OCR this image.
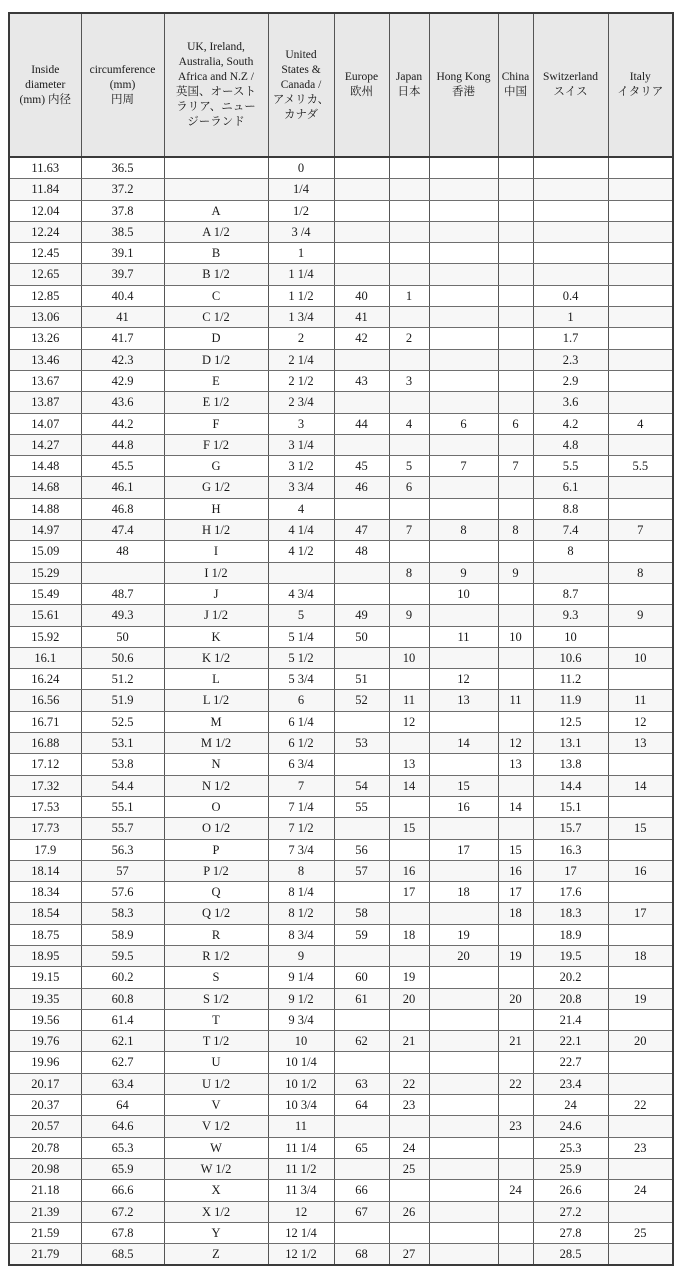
Inside
diameter
(mm) 内径

circumference
(mm)
円周

UK, Ireland,
Australia, South
Africa and N.Z /
英国、オースト
ラリア、ニュー
ジーランド

United
States &
Canada /
アメリカ、
カナダ

Europe
欧州

Japan
日本

Hong Kong
香港

China
中国

Switzerland
スイス

Italy
イタリア

11.63	36.5		0						
11.84	37.2		1/4						
12.04	37.8	A	1/2						
12.24	38.5	A 1/2	3 /4						
12.45	39.1	B	1						
12.65	39.7	B 1/2	1 1/4						
12.85	40.4	C	1 1/2	40	1			0.4	
13.06	41	C 1/2	1 3/4	41				1	
13.26	41.7	D	2	42	2			1.7	
13.46	42.3	D 1/2	2 1/4					2.3	
13.67	42.9	E	2 1/2	43	3			2.9	
13.87	43.6	E 1/2	2 3/4					3.6	
14.07	44.2	F	3	44	4	6	6	4.2	4
14.27	44.8	F 1/2	3 1/4					4.8	
14.48	45.5	G	3 1/2	45	5	7	7	5.5	5.5
14.68	46.1	G 1/2	3 3/4	46	6			6.1	
14.88	46.8	H	4					8.8	
14.97	47.4	H 1/2	4 1/4	47	7	8	8	7.4	7
15.09	48	I	4 1/2	48				8	
15.29		I 1/2			8	9	9		8
15.49	48.7	J	4 3/4			10		8.7	
15.61	49.3	J 1/2	5	49	9			9.3	9
15.92	50	K	5 1/4	50		11	10	10	
16.1	50.6	K 1/2	5 1/2		10			10.6	10
16.24	51.2	L	5 3/4	51		12		11.2	
16.56	51.9	L 1/2	6	52	11	13	11	11.9	11
16.71	52.5	M	6 1/4		12			12.5	12
16.88	53.1	M 1/2	6 1/2	53		14	12	13.1	13
17.12	53.8	N	6 3/4		13		13	13.8	
17.32	54.4	N 1/2	7	54	14	15		14.4	14
17.53	55.1	O	7 1/4	55		16	14	15.1	
17.73	55.7	O 1/2	7 1/2		15			15.7	15
17.9	56.3	P	7 3/4	56		17	15	16.3	
18.14	57	P 1/2	8	57	16		16	17	16
18.34	57.6	Q	8 1/4		17	18	17	17.6	
18.54	58.3	Q 1/2	8 1/2	58			18	18.3	17
18.75	58.9	R	8 3/4	59	18	19		18.9	
18.95	59.5	R 1/2	9			20	19	19.5	18
19.15	60.2	S	9 1/4	60	19			20.2	
19.35	60.8	S 1/2	9 1/2	61	20		20	20.8	19
19.56	61.4	T	9 3/4					21.4	
19.76	62.1	T 1/2	10	62	21		21	22.1	20
19.96	62.7	U	10 1/4					22.7	
20.17	63.4	U 1/2	10 1/2	63	22		22	23.4	
20.37	64	V	10 3/4	64	23			24	22
20.57	64.6	V 1/2	11				23	24.6	
20.78	65.3	W	11 1/4	65	24			25.3	23
20.98	65.9	W 1/2	11 1/2		25			25.9	
21.18	66.6	X	11 3/4	66			24	26.6	24
21.39	67.2	X 1/2	12	67	26			27.2	
21.59	67.8	Y	12 1/4					27.8	25
21.79	68.5	Z	12 1/2	68	27			28.5	
